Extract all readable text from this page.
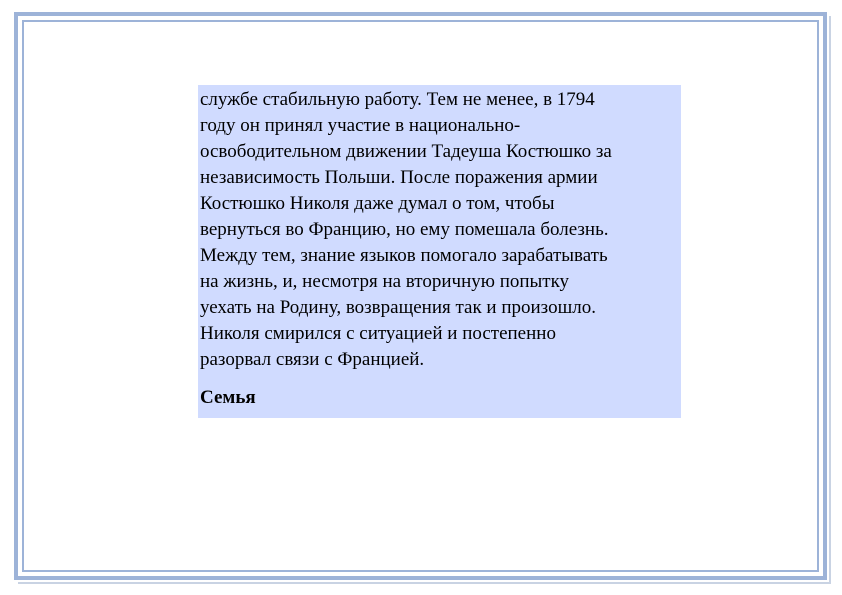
службе стабильную работу. Тем не менее, в 1794
году он принял участие в национально-
освободительном движении Тадеуша Костюшко за
независимость Польши. После поражения армии
Костюшко Николя даже думал о том, чтобы
вернуться во Францию, но ему помешала болезнь.
Между тем, знание языков помогало зарабатывать
на жизнь, и, несмотря на вторичную попытку
уехать на Родину, возвращения так и произошло.
Николя смирился с ситуацией и постепенно
разорвал связи с Францией.

Семья
